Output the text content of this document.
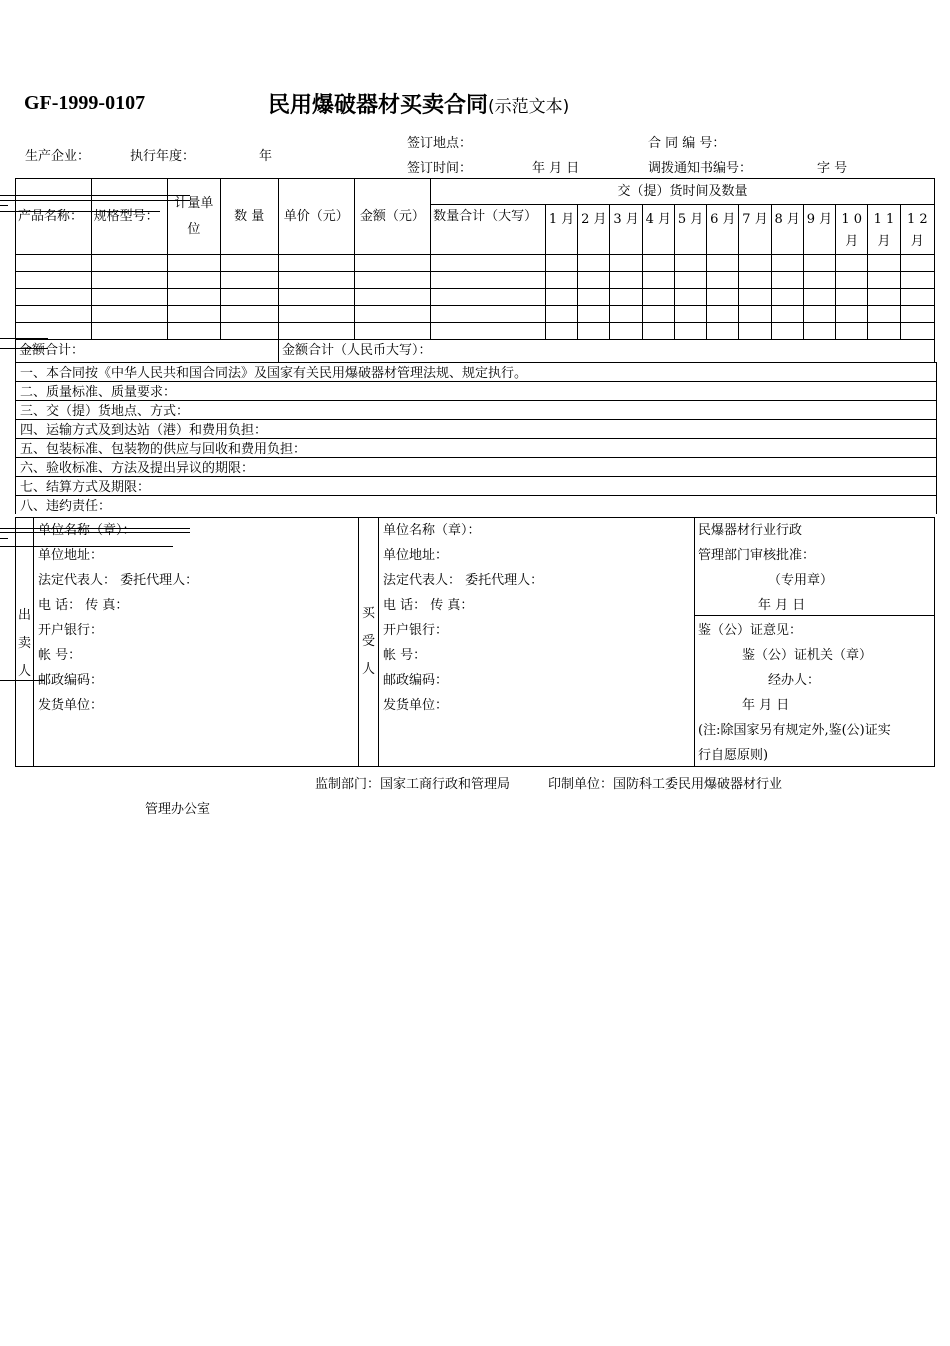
GF-1999-0107	民用爆破器材买卖合同(示范文本)
签订地点：	合 同 编 号：
生产企业：	执行年度：	年
签订时间：	年 月 日	调拨通知书编号：	字 号
产品名称：	规格型号：	计量单位	数 量	单价（元）	金额（元）	交（提）货时间及数量												
						数量合计（大写）	1 月	2 月	3 月	4 月	5 月	6 月	7 月	8 月	9 月	1 0 月	1 1 月	1 2 月

金额合计：				金额合计（人民币大写）：														
一、本合同按《中华人民共和国合同法》及国家有关民用爆破器材管理法规、规定执行。
二、质量标准、质量要求：
三、交（提）货地点、方式：
四、运输方式及到达站（港）和费用负担：
五、包装标准、包装物的供应与回收和费用负担：
六、验收标准、方法及提出异议的期限：
七、结算方式及期限：
八、违约责任：
出
卖
人
单位名称（章）：
单位地址：
法定代表人： 委托代理人：
电 话： 传 真：
开户银行：
帐 号：
邮政编码：
发货单位：
买
受
人
单位名称（章）：
单位地址：
法定代表人： 委托代理人：
电 话： 传 真：
开户银行：
帐 号：
邮政编码：
发货单位：
民爆器材行业行政
管理部门审核批准：
（专用章）
年 月 日
鉴（公）证意见：
鉴（公）证机关（章）
经办人：
年 月 日
(注:除国家另有规定外,鉴(公)证实
行自愿原则)
监制部门：国家工商行政和管理局	印制单位：国防科工委民用爆破器材行业
管理办公室
